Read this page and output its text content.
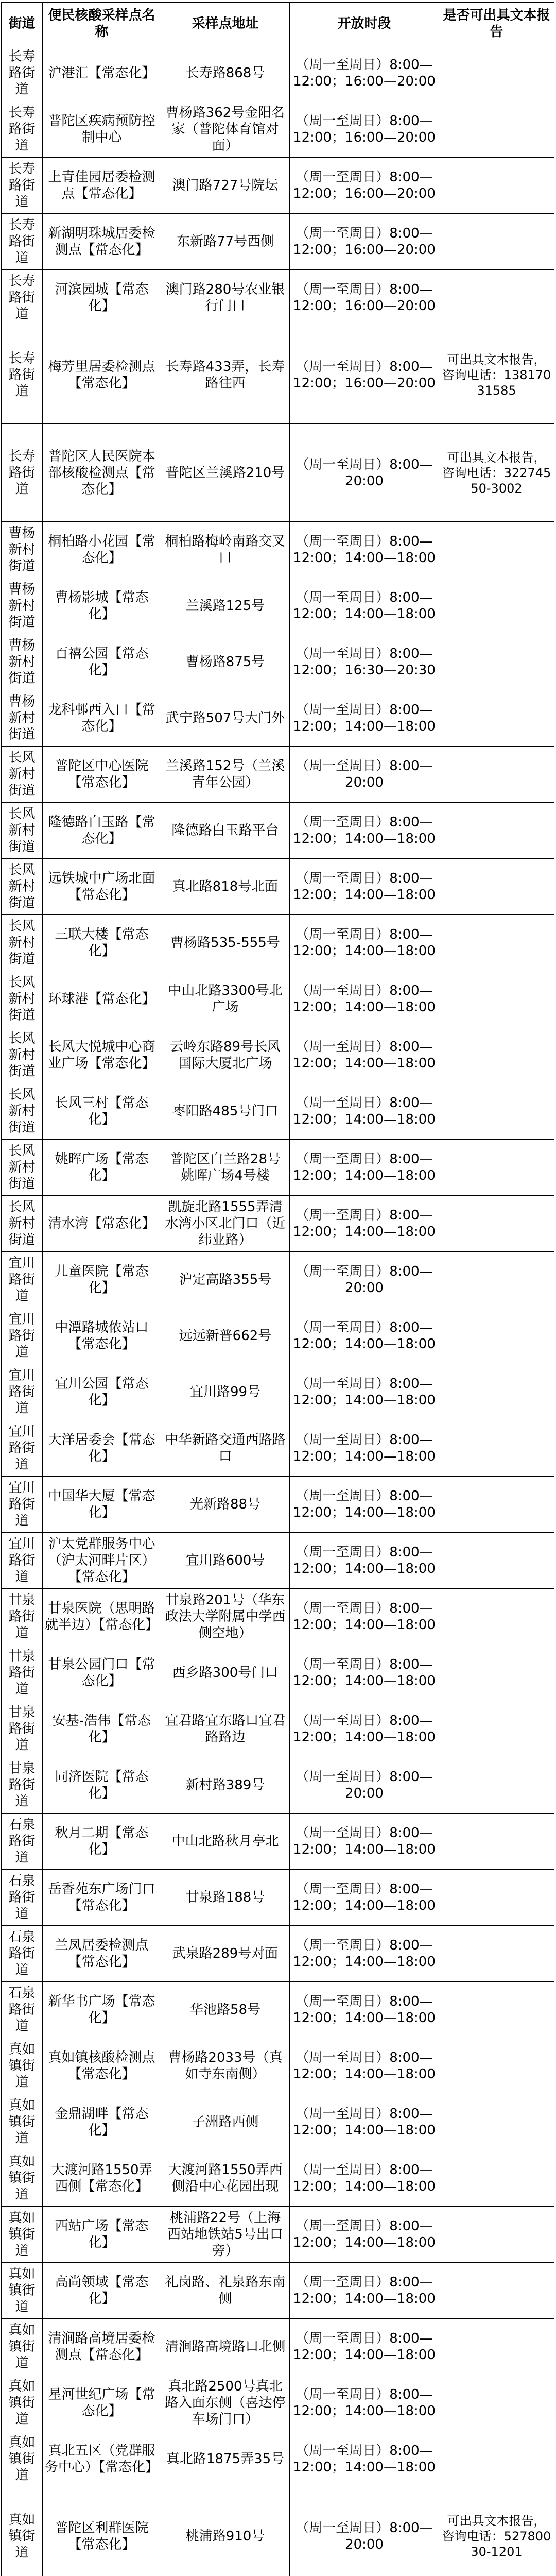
街道	便民核酸采样点名称	采样点地址	开放时段	是否可出具文本报告
长寿路街道	沪港汇【常态化】	长寿路868号	（周一至周日）8:00—12:00；16:00—20:00	
长寿路街道	普陀区疾病预防控制中心	曹杨路362号金阳名家（普陀体育馆对面）	（周一至周日）8:00—12:00；16:00—20:00	
长寿路街道	上青佳园居委检测点【常态化】	澳门路727号院坛	（周一至周日）8:00—12:00；16:00—20:00	
长寿路街道	新湖明珠城居委检测点【常态化】	东新路77号西侧	（周一至周日）8:00—12:00；16:00—20:00	
长寿路街道	河滨园城【常态化】	澳门路280号农业银行门口	（周一至周日）8:00—12:00；16:00—20:00	
长寿路街道	梅芳里居委检测点【常态化】	长寿路433弄，长寿路往西	（周一至周日）8:00—12:00；16:00—20:00	可出具文本报告，咨询电话：13817031585
长寿路街道	普陀区人民医院本部核酸检测点【常态化】	普陀区兰溪路210号	（周一至周日）8:00—20:00	可出具文本报告，咨询电话：32274550-3002
曹杨新村街道	桐柏路小花园【常态化】	桐柏路梅岭南路交叉口	（周一至周日）8:00—12:00；14:00—18:00	
曹杨新村街道	曹杨影城【常态化】	兰溪路125号	（周一至周日）8:00—12:00；14:00—18:00	
曹杨新村街道	百禧公园【常态化】	曹杨路875号	（周一至周日）8:00—12:00；16:30—20:30	
曹杨新村街道	龙科邨西入口【常态化】	武宁路507号大门外	（周一至周日）8:00—12:00；14:00—18:00	
长风新村街道	普陀区中心医院【常态化】	兰溪路152号（兰溪青年公园）	（周一至周日）8:00—20:00	
长风新村街道	隆德路白玉路【常态化】	隆德路白玉路平台	（周一至周日）8:00—12:00；14:00—18:00	
长风新村街道	远铁城中广场北面【常态化】	真北路818号北面	（周一至周日）8:00—12:00；14:00—18:00	
长风新村街道	三联大楼【常态化】	曹杨路535-555号	（周一至周日）8:00—12:00；14:00—18:00	
长风新村街道	环球港【常态化】	中山北路3300号北广场	（周一至周日）8:00—12:00；14:00—18:00	
长风新村街道	长风大悦城中心商业广场【常态化】	云岭东路89号长风国际大厦北广场	（周一至周日）8:00—12:00；14:00—18:00	
长风新村街道	长风三村【常态化】	枣阳路485号门口	（周一至周日）8:00—12:00；14:00—18:00	
长风新村街道	姚晖广场【常态化】	普陀区白兰路28号姚晖广场4号楼	（周一至周日）8:00—12:00；14:00—18:00	
长风新村街道	清水湾【常态化】	凯旋北路1555弄清水湾小区北门口（近纬业路）	（周一至周日）8:00—12:00；14:00—18:00	
宜川路街道	儿童医院【常态化】	沪定高路355号	（周一至周日）8:00—20:00	
宜川路街道	中潭路城侬站口【常态化】	远远新普662号	（周一至周日）8:00—12:00；14:00—18:00	
宜川路街道	宜川公园【常态化】	宜川路99号	（周一至周日）8:00—12:00；14:00—18:00	
宜川路街道	大洋居委会【常态化】	中华新路交通西路路口	（周一至周日）8:00—12:00；14:00—18:00	
宜川路街道	中国华大厦【常态化】	光新路88号	（周一至周日）8:00—12:00；14:00—18:00	
宜川路街道	沪太党群服务中心（沪太河畔片区）【常态化】	宜川路600号	（周一至周日）8:00—12:00；14:00—18:00	
甘泉路街道	甘泉医院（思明路就半边）【常态化】	甘泉路201号（华东政法大学附属中学西侧空地）	（周一至周日）8:00—12:00；14:00—18:00	
甘泉路街道	甘泉公园门口【常态化】	西乡路300号门口	（周一至周日）8:00—12:00；14:00—18:00	
甘泉路街道	安基-浩伟【常态化】	宜君路宜东路口宜君路路边	（周一至周日）8:00—12:00；14:00—18:00	
甘泉路街道	同济医院【常态化】	新村路389号	（周一至周日）8:00—20:00	
石泉路街道	秋月二期【常态化】	中山北路秋月亭北	（周一至周日）8:00—12:00；14:00—18:00	
石泉路街道	岳香苑东广场门口【常态化】	甘泉路188号	（周一至周日）8:00—12:00；14:00—18:00	
石泉路街道	兰凤居委检测点【常态化】	武泉路289号对面	（周一至周日）8:00—12:00；14:00—18:00	
石泉路街道	新华书广场【常态化】	华池路58号	（周一至周日）8:00—12:00；14:00—18:00	
真如镇街道	真如镇核酸检测点【常态化】	曹杨路2033号（真如寺东南侧）	（周一至周日）8:00—12:00；14:00—18:00	
真如镇街道	金鼎湖畔【常态化】	子洲路西侧	（周一至周日）8:00—12:00；14:00—18:00	
真如镇街道	大渡河路1550弄西侧【常态化】	大渡河路1550弄西侧沿中心花园出现	（周一至周日）8:00—12:00；14:00—18:00	
真如镇街道	西站广场【常态化】	桃浦路22号（上海西站地铁站5号出口旁）	（周一至周日）8:00—12:00；14:00—18:00	
真如镇街道	高尚领域【常态化】	礼岗路、礼泉路东南侧	（周一至周日）8:00—12:00；14:00—18:00	
真如镇街道	清涧路高境居委检测点【常态化】	清涧路高境路口北侧	（周一至周日）8:00—12:00；14:00—18:00	
真如镇街道	星河世纪广场【常态化】	真北路2500号真北路入面东侧（喜达停车场门口）	（周一至周日）8:00—12:00；14:00—18:00	
真如镇街道	真北五区（党群服务中心）【常态化】	真北路1875弄35号	（周一至周日）8:00—12:00；14:00—18:00	
真如镇街道	普陀区利群医院【常态化】	桃浦路910号	（周一至周日）8:00—20:00	可出具文本报告，咨询电话：52780030-1201
